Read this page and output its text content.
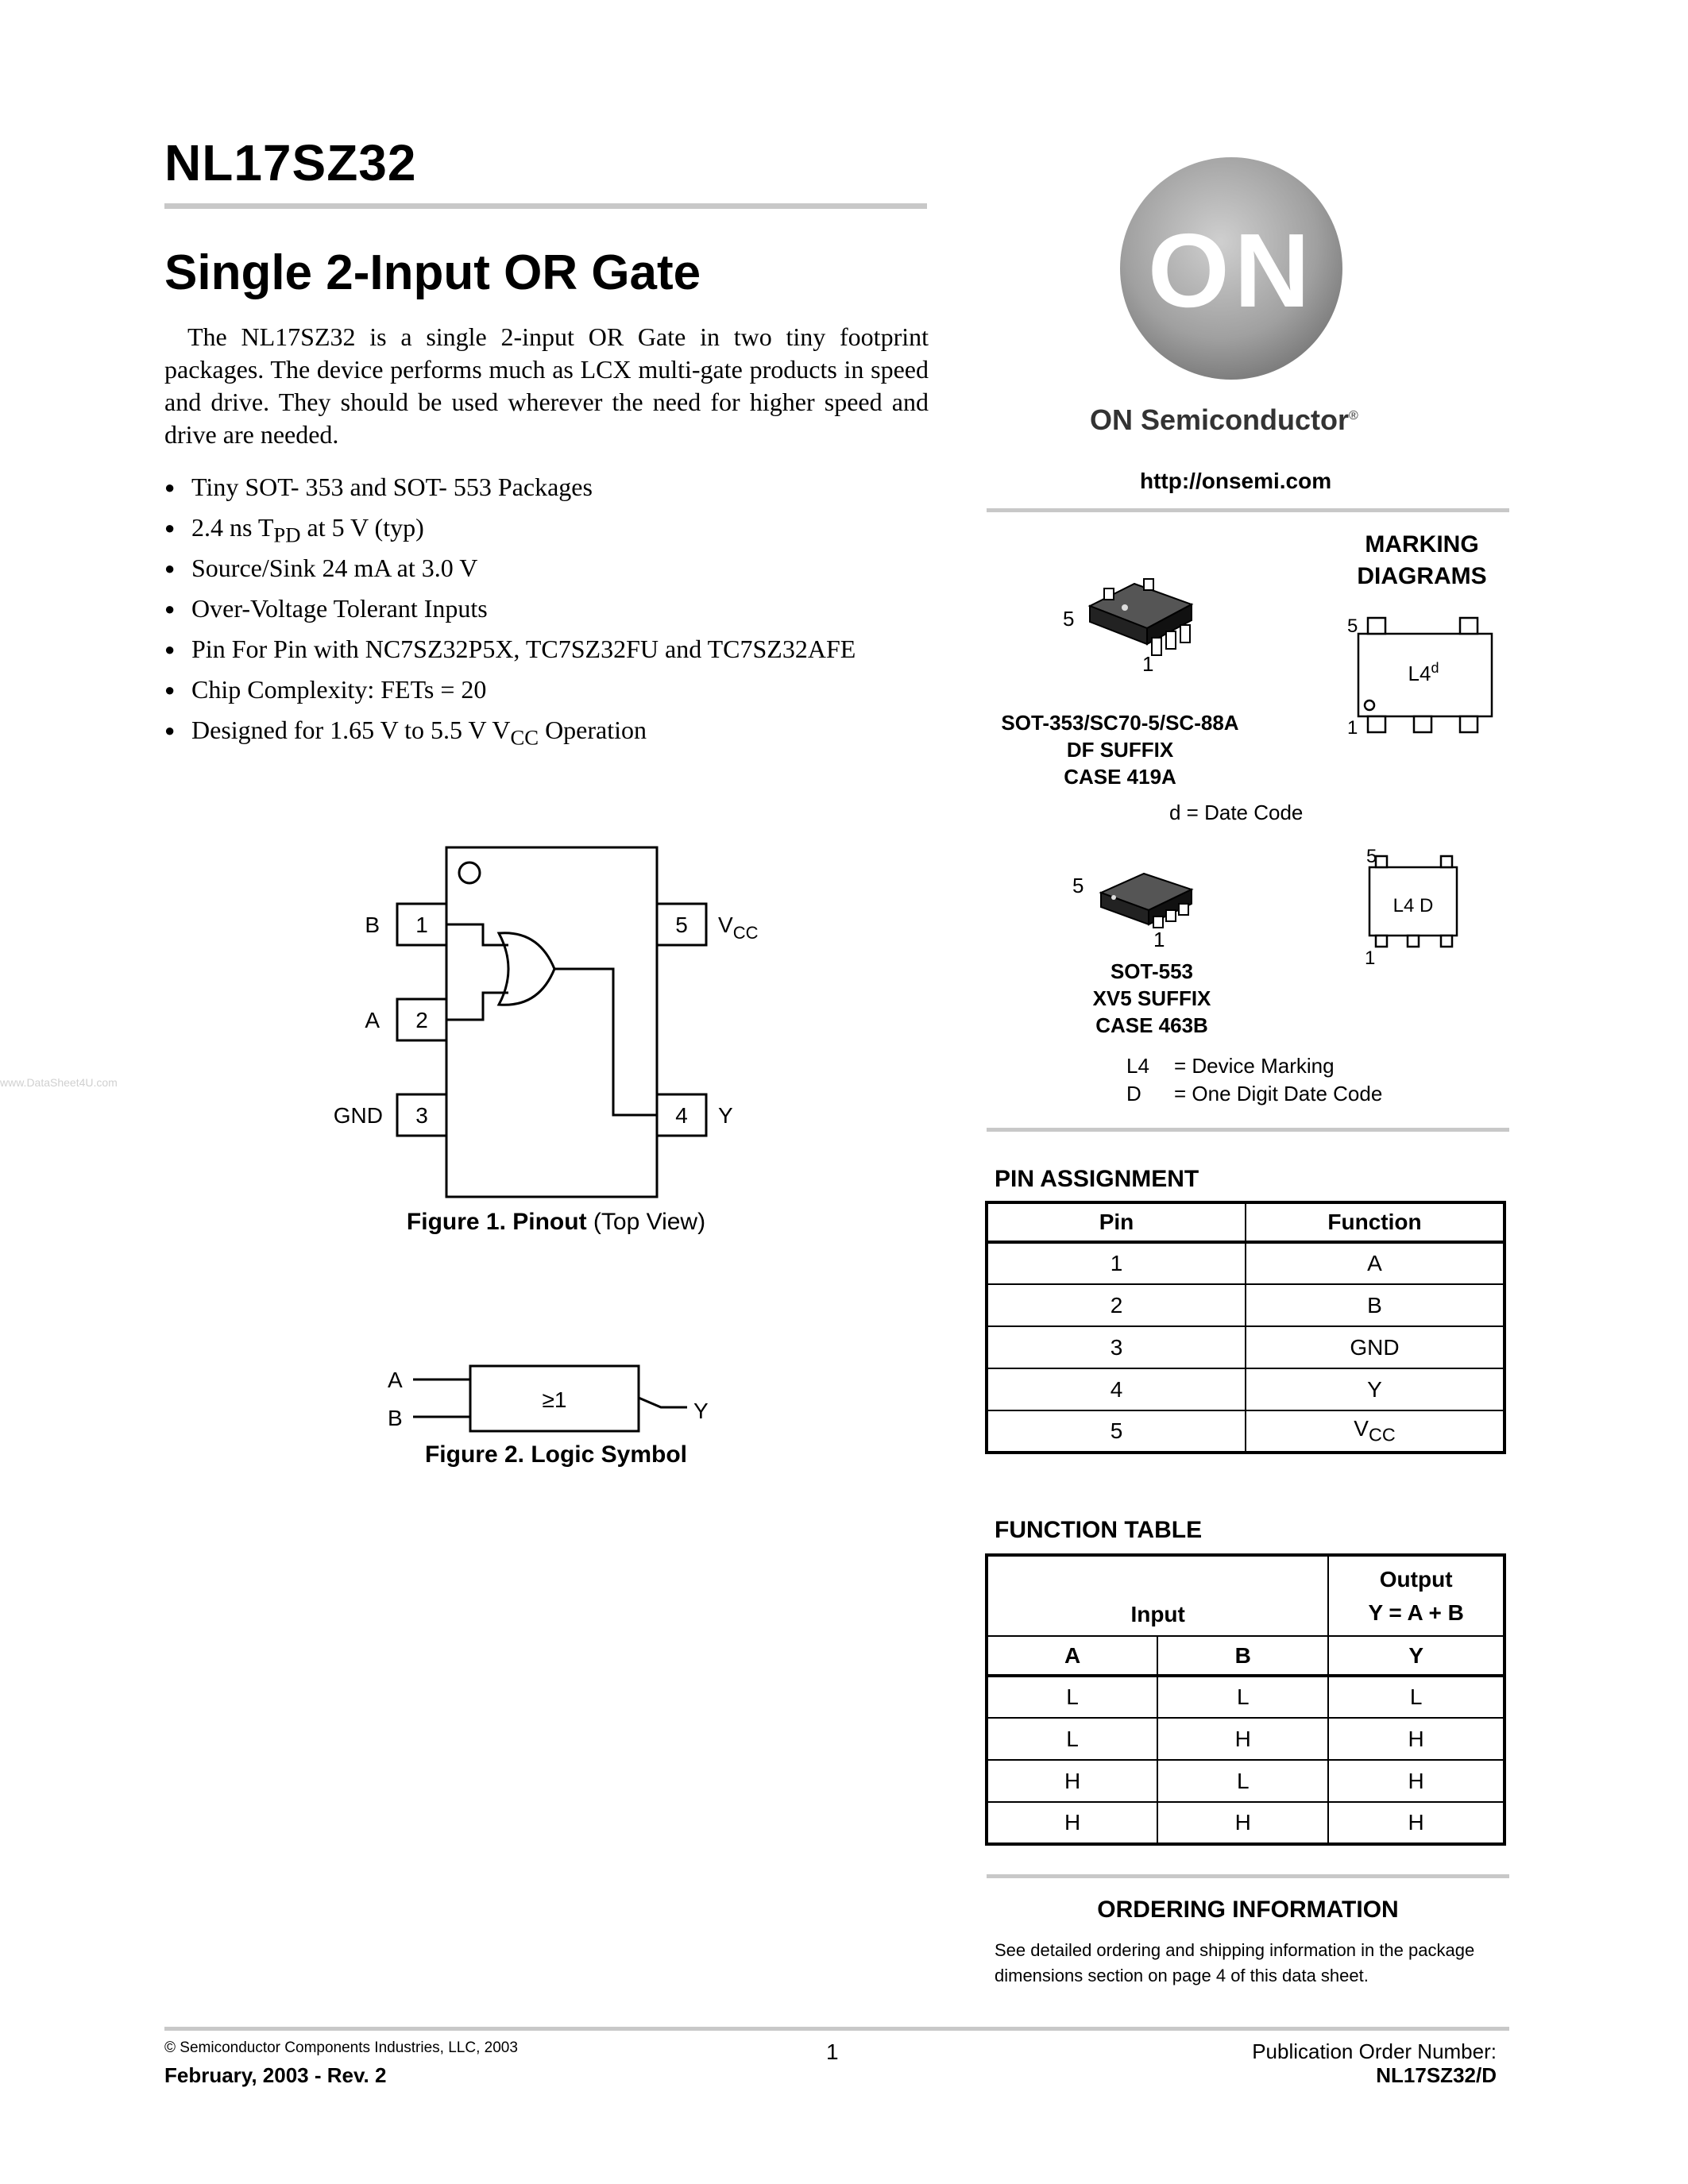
NL17SZ32
Single 2-Input OR Gate
The NL17SZ32 is a single 2-input OR Gate in two tiny footprint packages. The device performs much as LCX multi-gate products in speed and drive. They should be used wherever the need for higher speed and drive are needed.
● Tiny SOT- 353 and SOT- 553 Packages
● 2.4 ns $T_{PD}$ at 5 V (typ)
● Source/Sink 24 mA at 3.0 V
● Over-Voltage Tolerant Inputs
● Pin For Pin with NC7SZ32P5X, TC7SZ32FU and TC7SZ32AFE
● Chip Complexity: FETs = 20
● Designed for 1.65 V to 5.5 V $V_{CC}$ Operation
www.DataSheet4U.com
1
2
3
5
4
B
A
GND	Y
$V_{CC}$
Figure 1. Pinout (Top View)
A
B	Y
≥1
Figure 2. Logic Symbol
ON
ON Semiconductor®
http://onsemi.com
MARKING
DIAGRAMS
5
1
SOT-353/SC70-5/SC-88A
DF SUFFIX
CASE 419A
5
1
L4$^d$
d = Date Code
5
1
SOT-553
XV5 SUFFIX
CASE 463B
5
1
L4 D
L4 = Device Marking
D = One Digit Date Code
PIN ASSIGNMENT
Pin	Function
1	A
2	B
3	GND
4	Y
5	$V_{CC}$
FUNCTION TABLE
Input		Output
Y = A + B

A	B	Y
L	L	L
L	H	H
H	L	H
H	H	H
ORDERING INFORMATION
See detailed ordering and shipping information in the package dimensions section on page 4 of this data sheet.
© Semiconductor Components Industries, LLC, 2003
February, 2003 - Rev. 2
1	Publication Order Number:
NL17SZ32/D
